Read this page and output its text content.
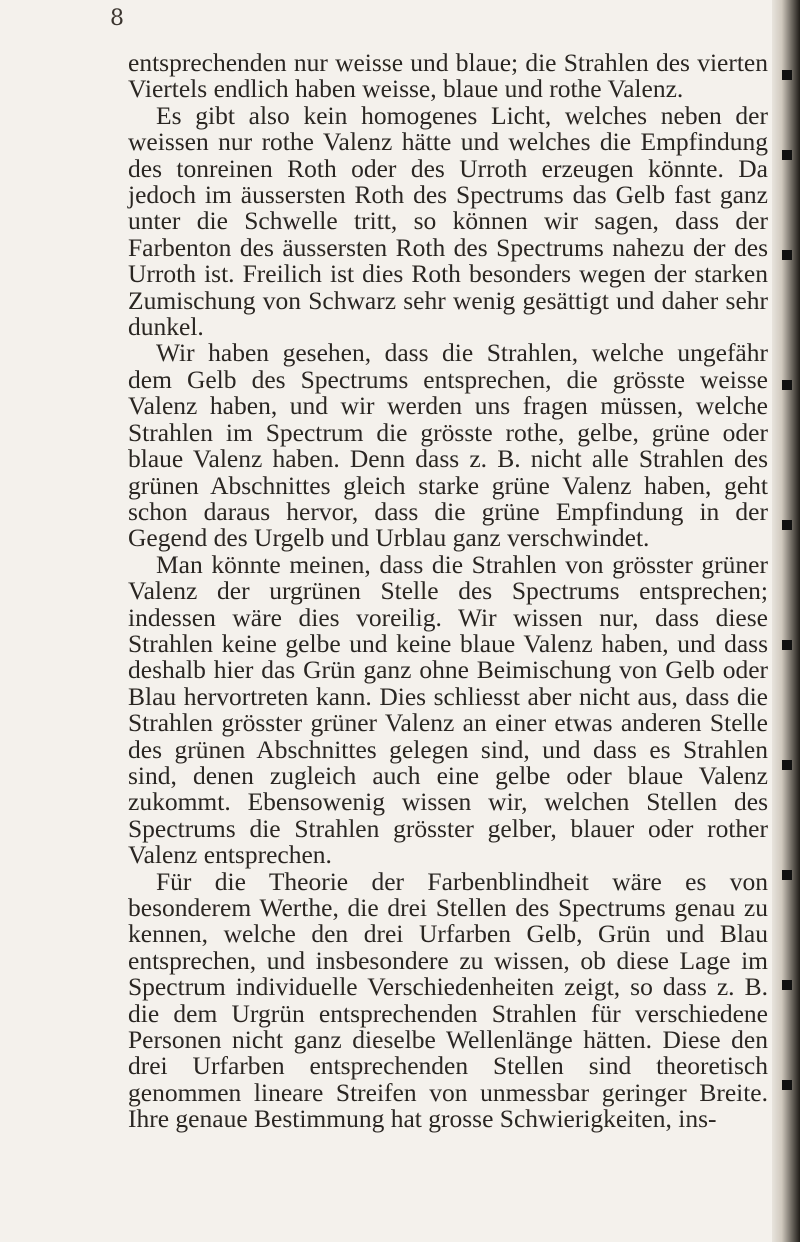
8

entsprechenden nur weisse und blaue; die Strahlen des vierten Viertels endlich haben weisse, blaue und rothe Valenz.

Es gibt also kein homogenes Licht, welches neben der weissen nur rothe Valenz hätte und welches die Empfindung des tonreinen Roth oder des Urroth erzeugen könnte. Da jedoch im äussersten Roth des Spectrums das Gelb fast ganz unter die Schwelle tritt, so können wir sagen, dass der Farbenton des äussersten Roth des Spectrums nahezu der des Urroth ist. Freilich ist dies Roth besonders wegen der starken Zumischung von Schwarz sehr wenig gesättigt und daher sehr dunkel.

Wir haben gesehen, dass die Strahlen, welche ungefähr dem Gelb des Spectrums entsprechen, die grösste weisse Valenz haben, und wir werden uns fragen müssen, welche Strahlen im Spectrum die grösste rothe, gelbe, grüne oder blaue Valenz haben. Denn dass z. B. nicht alle Strahlen des grünen Abschnittes gleich starke grüne Valenz haben, geht schon daraus hervor, dass die grüne Empfindung in der Gegend des Urgelb und Urblau ganz verschwindet.

Man könnte meinen, dass die Strahlen von grösster grüner Valenz der urgrünen Stelle des Spectrums entsprechen; indessen wäre dies voreilig. Wir wissen nur, dass diese Strahlen keine gelbe und keine blaue Valenz haben, und dass deshalb hier das Grün ganz ohne Beimischung von Gelb oder Blau hervortreten kann. Dies schliesst aber nicht aus, dass die Strahlen grösster grüner Valenz an einer etwas anderen Stelle des grünen Abschnittes gelegen sind, und dass es Strahlen sind, denen zugleich auch eine gelbe oder blaue Valenz zukommt. Ebensowenig wissen wir, welchen Stellen des Spectrums die Strahlen grösster gelber, blauer oder rother Valenz entsprechen.

Für die Theorie der Farbenblindheit wäre es von besonderem Werthe, die drei Stellen des Spectrums genau zu kennen, welche den drei Urfarben Gelb, Grün und Blau entsprechen, und insbesondere zu wissen, ob diese Lage im Spectrum individuelle Verschiedenheiten zeigt, so dass z. B. die dem Urgrün entsprechenden Strahlen für verschiedene Personen nicht ganz dieselbe Wellenlänge hätten. Diese den drei Urfarben entsprechenden Stellen sind theoretisch genommen lineare Streifen von unmessbar geringer Breite. Ihre genaue Bestimmung hat grosse Schwierigkeiten, ins-
